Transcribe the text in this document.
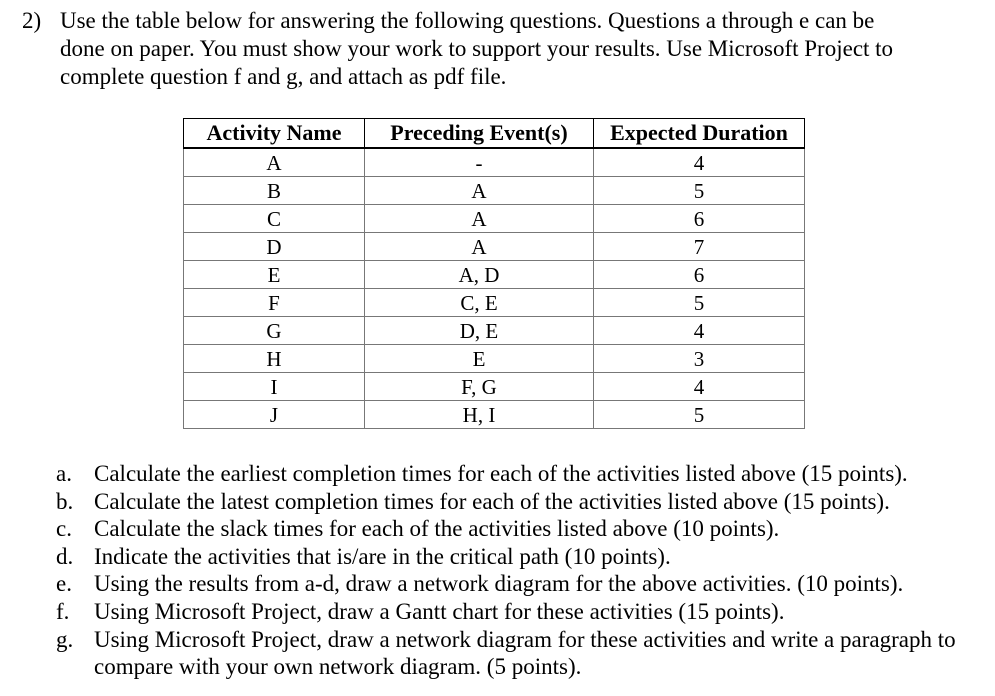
2) Use the table below for answering the following questions. Questions a through e can be
done on paper. You must show your work to support your results. Use Microsoft Project to
complete question f and g, and attach as pdf file.
Activity Name	Preceding Event(s)	Expected Duration
A	-	4
B	A	5
C	A	6
D	A	7
E	A, D	6
F	C, E	5
G	D, E	4
H	E	3
I	F, G	4
J	H, I	5
a. Calculate the earliest completion times for each of the activities listed above (15 points).
b. Calculate the latest completion times for each of the activities listed above (15 points).
c. Calculate the slack times for each of the activities listed above (10 points).
d. Indicate the activities that is/are in the critical path (10 points).
e. Using the results from a-d, draw a network diagram for the above activities. (10 points).
f. Using Microsoft Project, draw a Gantt chart for these activities (15 points).
g. Using Microsoft Project, draw a network diagram for these activities and write a paragraph to compare with your own network diagram. (5 points).
